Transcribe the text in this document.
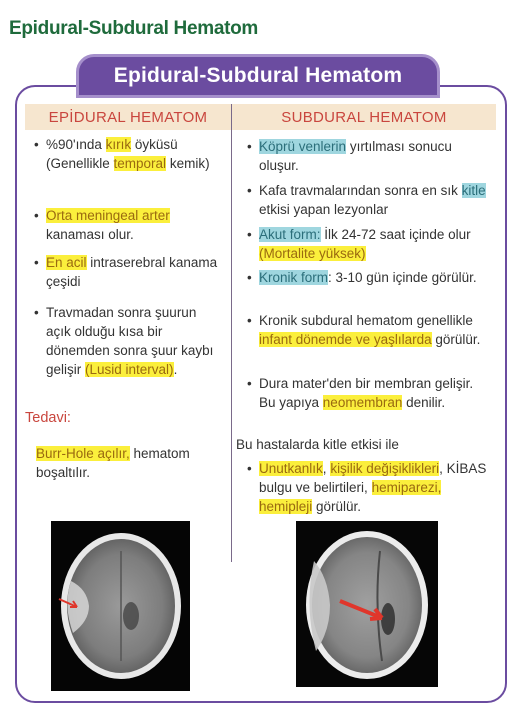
Epidural-Subdural Hematom
Epidural-Subdural Hematom
EPİDURAL HEMATOM	SUBDURAL HEMATOM

• %90'ında kırık öyküsü (Genellikle temporal kemik)

• Orta meningeal arter kanaması olur.

• En acil intraserebral kanama çeşidi

• Travmadan sonra şuurun açık olduğu kısa bir dönemden sonra şuur kaybı gelişir (Lusid interval).

Tedavi:

Burr-Hole açılır, hematom boşaltılır.

• Köprü venlerin yırtılması sonucu oluşur.

• Kafa travmalarından sonra en sık kitle etkisi yapan lezyonlar

• Akut form: İlk 24-72 saat içinde olur (Mortalite yüksek)

• Kronik form: 3-10 gün içinde görülür.

• Kronik subdural hematom genellikle infant dönemde ve yaşlılarda görülür.

• Dura mater'den bir membran gelişir. Bu yapıya neomembran denilir.

Bu hastalarda kitle etkisi ile

• Unutkanlık, kişilik değişiklikleri, KİBAS bulgu ve belirtileri, hemiparezi, hemipleji görülür.
